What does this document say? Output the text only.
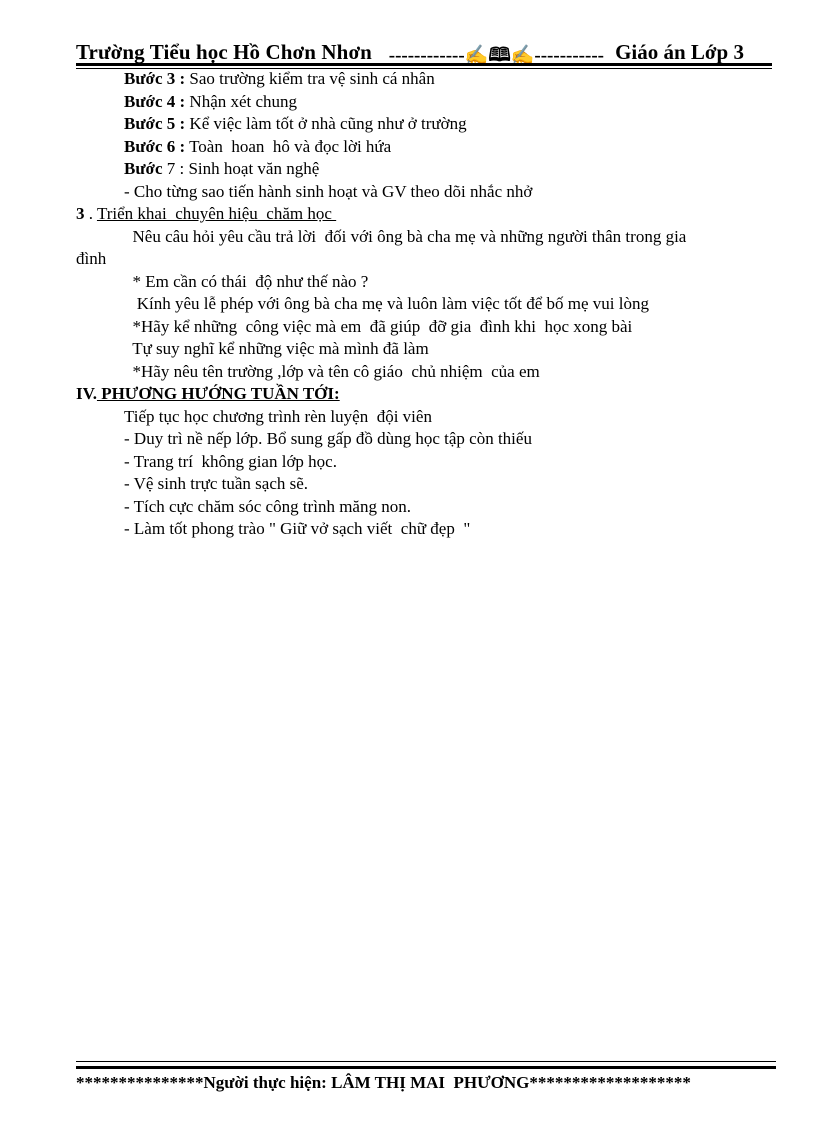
Trường Tiểu học Hồ Chơn Nhơn ------------✍🕮✍----------- Giáo án Lớp 3
Bước 3 : Sao trường kiểm tra vệ sinh cá nhân
Bước 4 : Nhận xét chung
Bước 5 : Kể việc làm tốt ở nhà cũng như ở trường
Bước 6 : Toàn  hoan  hô và đọc lời hứa
Bước 7 : Sinh hoạt văn nghệ
- Cho từng sao tiến hành sinh hoạt và GV theo dõi nhắc nhở
3 . Triển khai  chuyên hiệu  chăm học
Nêu câu hỏi yêu cầu trả lời  đối với ông bà cha mẹ và những người thân trong gia
đình
* Em cần có thái  độ như thế nào ?
Kính yêu lễ phép với ông bà cha mẹ và luôn làm việc tốt để bố mẹ vui lòng
*Hãy kể những  công việc mà em  đã giúp  đỡ gia  đình khi  học xong bài
Tự suy nghĩ kể những việc mà mình đã làm
*Hãy nêu tên trường ,lớp và tên cô giáo  chủ nhiệm  của em
IV. PHƯƠNG HƯỚNG TUẦN TỚI:
Tiếp tục học chương trình rèn luyện  đội viên
- Duy trì nề nếp lớp. Bổ sung gấp đồ dùng học tập còn thiếu
- Trang trí  không gian lớp học.
- Vệ sinh trực tuần sạch sẽ.
- Tích cực chăm sóc công trình măng non.
- Làm tốt phong trào " Giữ vở sạch viết  chữ đẹp  "
***************Người thực hiện: LÂM THỊ MAI  PHƯƠNG*******************
